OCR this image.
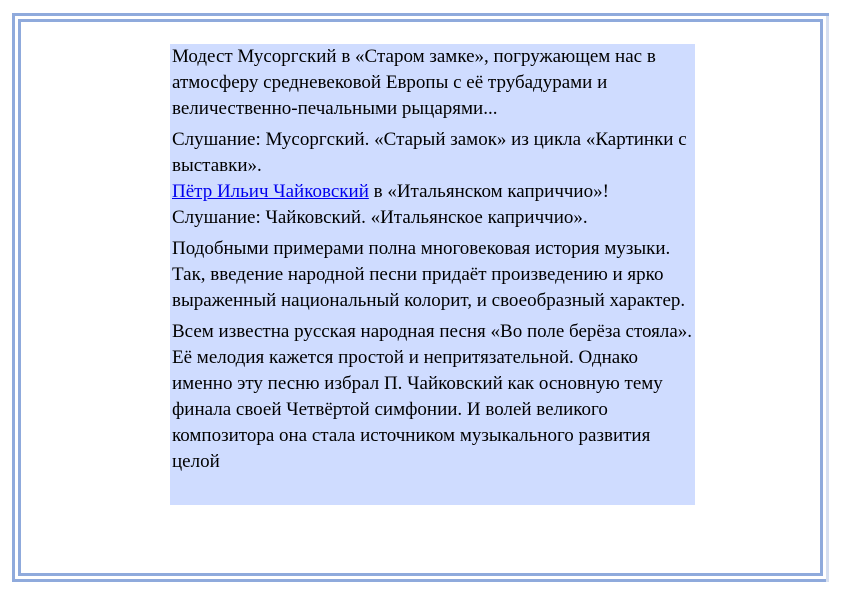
Модест Мусоргский в «Старом замке», погружающем нас в атмосферу средневековой Европы с её трубадурами и величественно-печальными рыцарями...

Слушание: Мусоргский. «Старый замок» из цикла «Картинки с выставки».

Пётр Ильич Чайковский в «Итальянском каприччио»!

Слушание: Чайковский. «Итальянское каприччио».

Подобными примерами полна многовековая история музыки. Так, введение народной песни придаёт произведению и ярко выраженный национальный колорит, и своеобразный характер.

Всем известна русская народная песня «Во поле берёза стояла». Её мелодия кажется простой и непритязательной. Однако именно эту песню избрал П. Чайковский как основную тему финала своей Четвёртой симфонии. И волей великого композитора она стала источником музыкального развития целой
